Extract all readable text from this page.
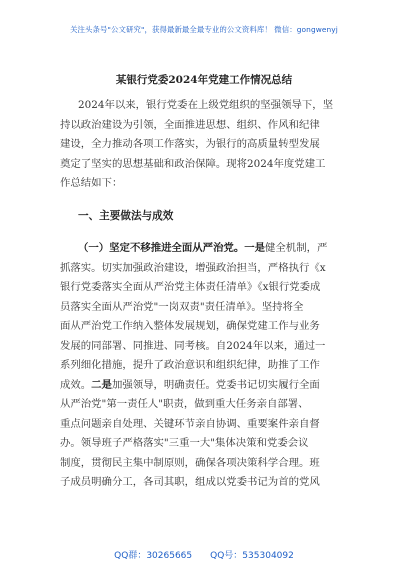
关注头条号"公文研究"，获得最新最全最专业的公文资料库！ 微信：gongwenyj
某银行党委2024年党建工作情况总结
2024年以来，银行党委在上级党组织的坚强领导下，坚
持以政治建设为引领，全面推进思想、组织、作风和纪律
建设，全力推动各项工作落实，为银行的高质量转型发展
奠定了坚实的思想基础和政治保障。现将2024年度党建工
作总结如下：
一、主要做法与成效
（一）坚定不移推进全面从严治党。一是健全机制，严
抓落实。切实加强政治建设，增强政治担当，严格执行《x
银行党委落实全面从严治党主体责任清单》《x银行党委成
员落实全面从严治党"一岗双责"责任清单》。坚持将全
面从严治党工作纳入整体发展规划，确保党建工作与业务
发展的同部署、同推进、同考核。自2024年以来，通过一
系列细化措施，提升了政治意识和组织纪律，助推了工作
成效。二是加强领导，明确责任。党委书记切实履行全面
从严治党"第一责任人"职责，做到重大任务亲自部署、
重点问题亲自处理、关键环节亲自协调、重要案件亲自督
办。领导班子严格落实"三重一大"集体决策和党委会议
制度，贯彻民主集中制原则，确保各项决策科学合理。班
子成员明确分工，各司其职，组成以党委书记为首的党风
QQ群：30265665 QQ号：535304092
